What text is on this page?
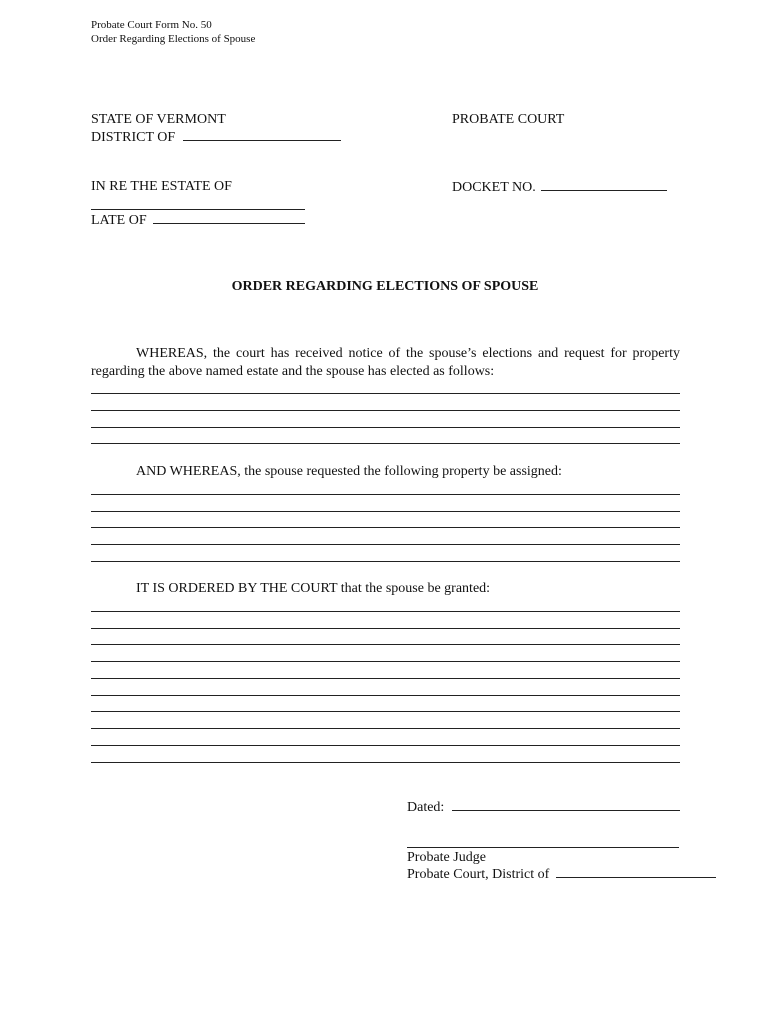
Probate Court Form No. 50
Order Regarding Elections of Spouse
STATE OF VERMONT
DISTRICT OF
PROBATE COURT
IN RE THE ESTATE OF	DOCKET NO.
LATE OF
ORDER REGARDING ELECTIONS OF SPOUSE
WHEREAS, the court has received notice of the spouse’s elections and request for property regarding the above named estate and the spouse has elected as follows:
AND WHEREAS, the spouse requested the following property be assigned:
IT IS ORDERED BY THE COURT that the spouse be granted:
Dated:
Probate Judge
Probate Court, District of
